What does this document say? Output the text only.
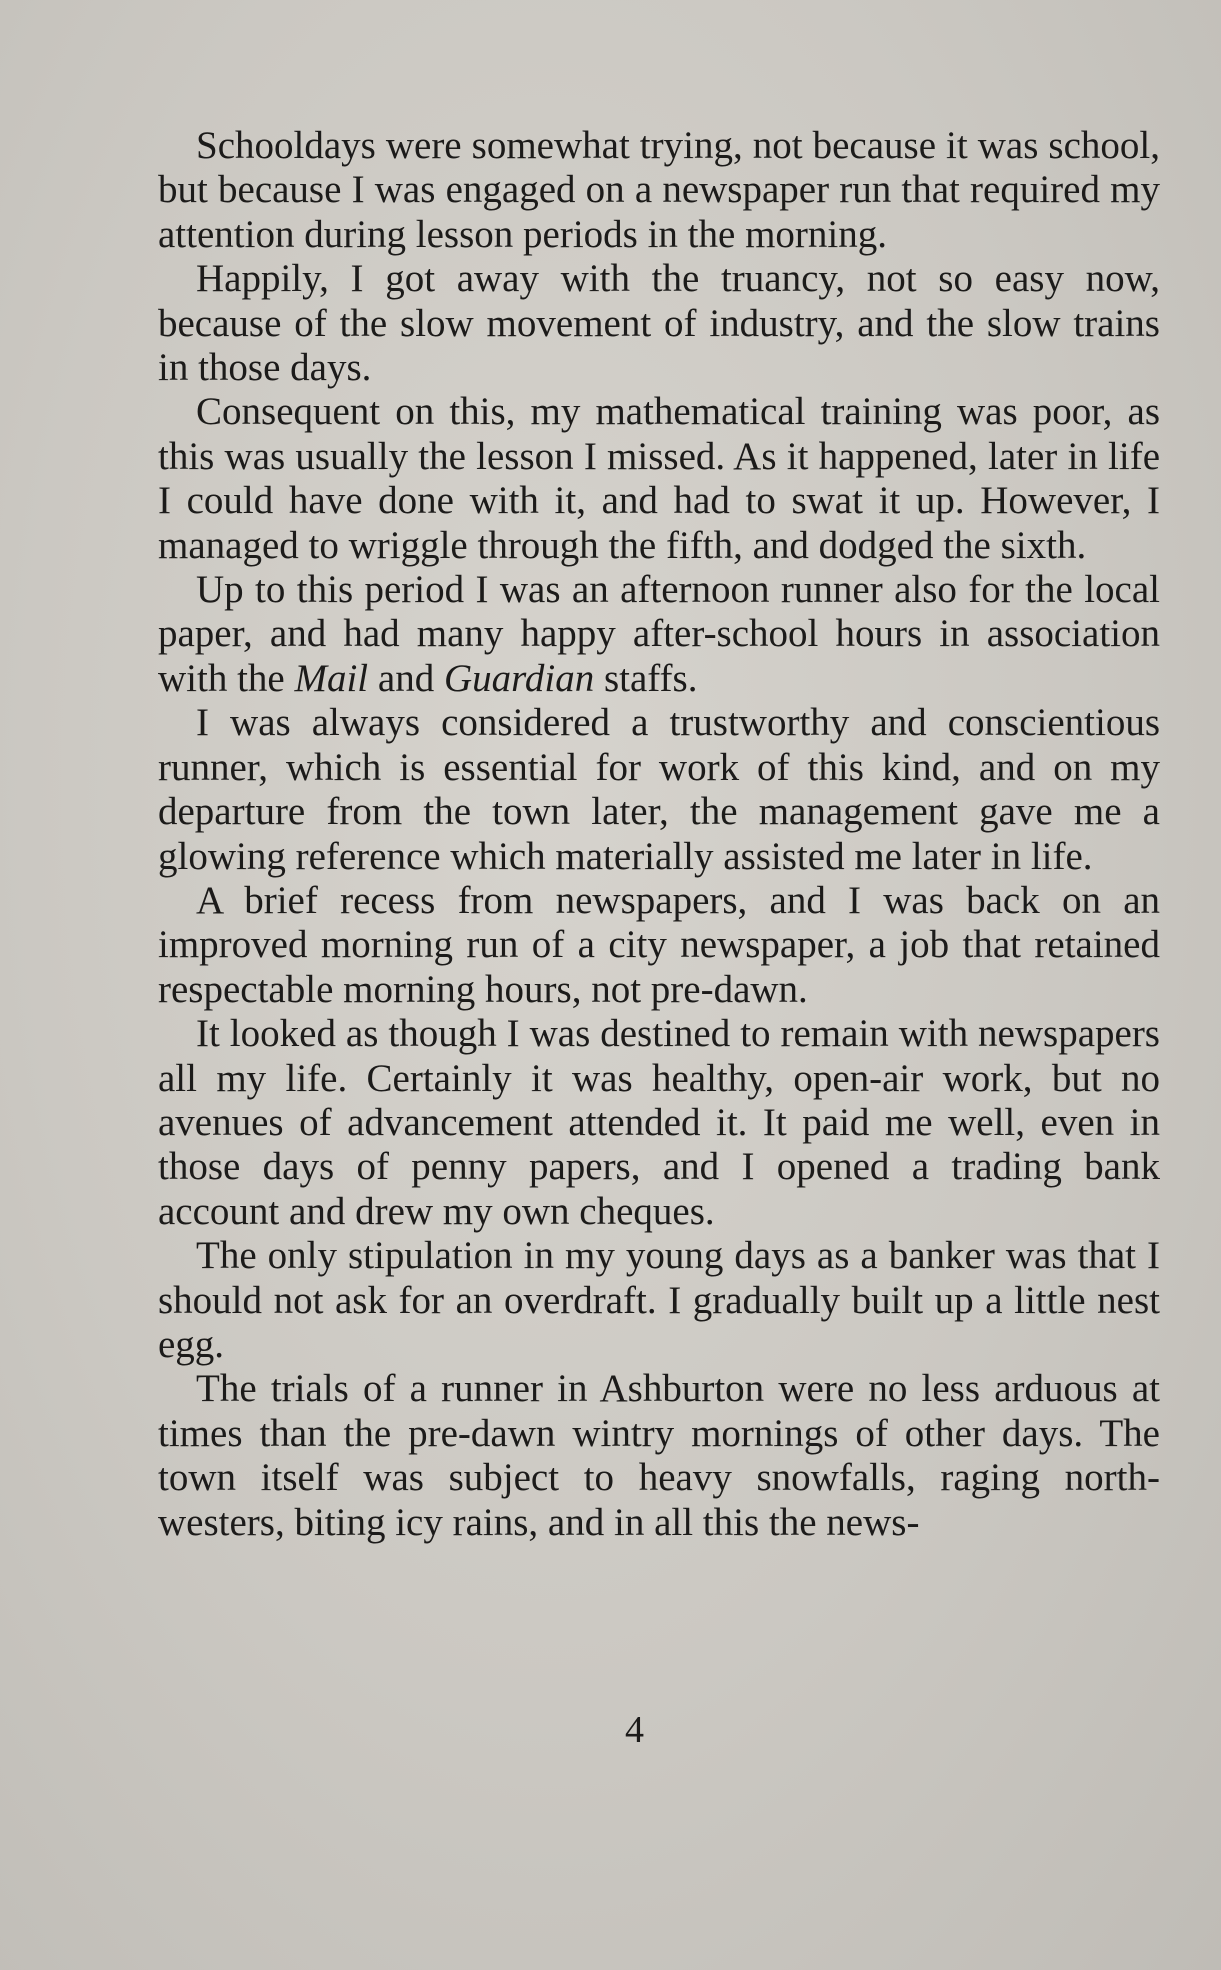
Schooldays were somewhat trying, not because it was school, but because I was engaged on a newspaper run that required my attention during lesson periods in the morning.

Happily, I got away with the truancy, not so easy now, because of the slow movement of industry, and the slow trains in those days.

Consequent on this, my mathematical training was poor, as this was usually the lesson I missed. As it happened, later in life I could have done with it, and had to swat it up. However, I managed to wriggle through the fifth, and dodged the sixth.

Up to this period I was an afternoon runner also for the local paper, and had many happy after-school hours in association with the Mail and Guardian staffs.

I was always considered a trustworthy and conscientious runner, which is essential for work of this kind, and on my departure from the town later, the management gave me a glowing reference which materially assisted me later in life.

A brief recess from newspapers, and I was back on an improved morning run of a city newspaper, a job that retained respectable morning hours, not pre-dawn.

It looked as though I was destined to remain with newspapers all my life. Certainly it was healthy, open-air work, but no avenues of advancement attended it. It paid me well, even in those days of penny papers, and I opened a trading bank account and drew my own cheques.

The only stipulation in my young days as a banker was that I should not ask for an overdraft. I gradually built up a little nest egg.

The trials of a runner in Ashburton were no less arduous at times than the pre-dawn wintry mornings of other days. The town itself was subject to heavy snowfalls, raging north-westers, biting icy rains, and in all this the news-

4
